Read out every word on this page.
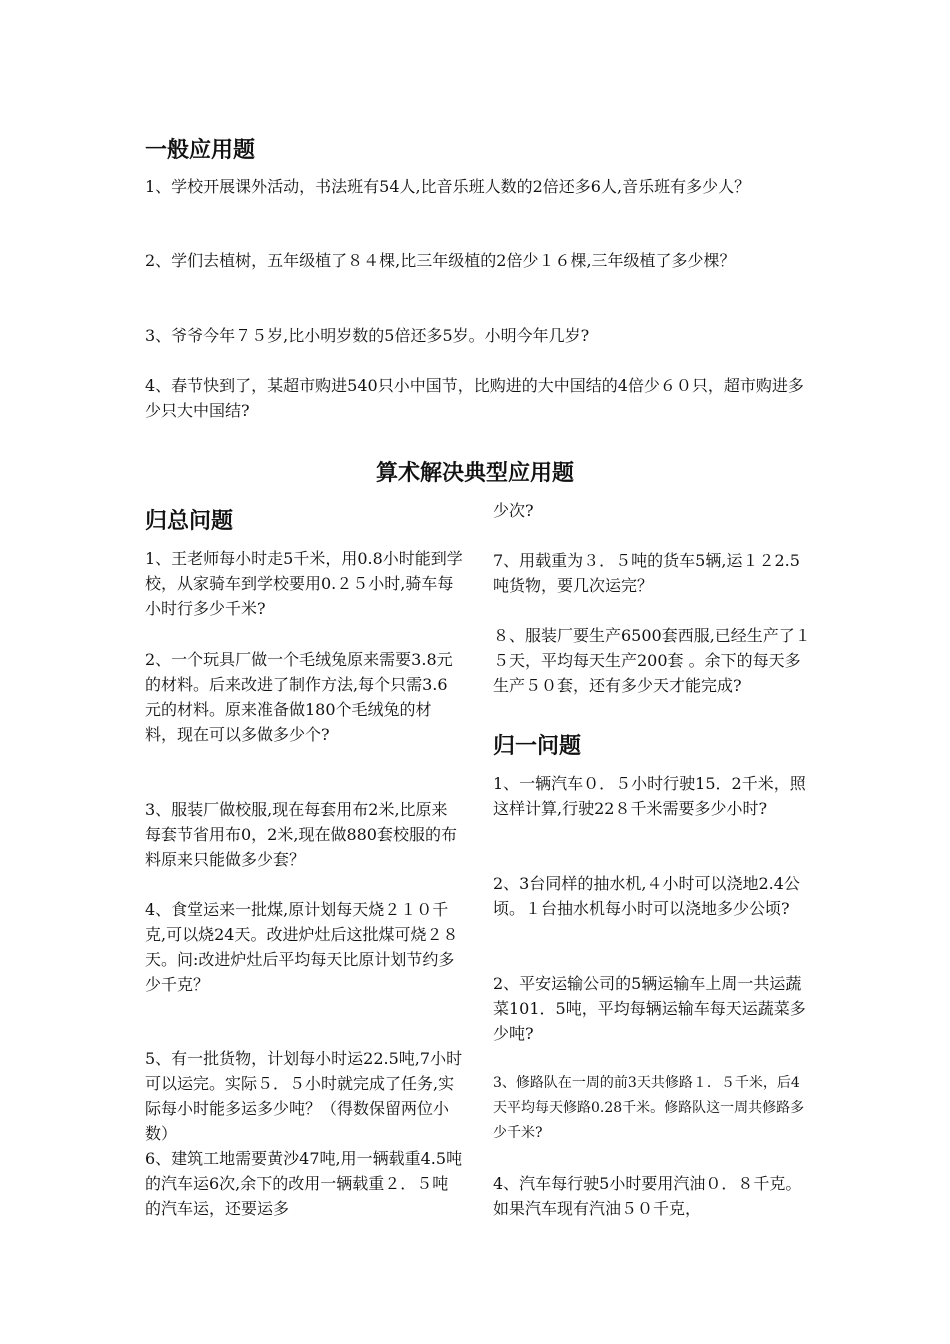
一般应用题

1、学校开展课外活动，书法班有54人,比音乐班人数的2倍还多6人,音乐班有多少人？

2、学们去植树，五年级植了８４棵,比三年级植的2倍少１６棵,三年级植了多少棵？

3、爷爷今年７５岁,比小明岁数的5倍还多5岁。小明今年几岁?

4、春节快到了，某超市购进540只小中国节，比购进的大中国结的4倍少６０只，超市购进多少只大中国结?

算术解决典型应用题
归总问题

1、王老师每小时走5千米，用0.8小时能到学校，从家骑车到学校要用0.２５小时,骑车每小时行多少千米?

2、一个玩具厂做一个毛绒兔原来需要3.8元的材料。后来改进了制作方法,每个只需3.6元的材料。原来准备做180个毛绒兔的材料，现在可以多做多少个?

3、服装厂做校服,现在每套用布2米,比原来每套节省用布0，2米,现在做880套校服的布料原来只能做多少套？

4、食堂运来一批煤,原计划每天烧２１０千克,可以烧24天。改进炉灶后这批煤可烧２８天。问:改进炉灶后平均每天比原计划节约多少千克？

5、有一批货物，计划每小时运22.5吨,7小时可以运完。实际５．５小时就完成了任务,实际每小时能多运多少吨？（得数保留两位小数）

6、建筑工地需要黄沙47吨,用一辆载重4.5吨的汽车运6次,余下的改用一辆载重２．５吨的汽车运，还要运多

少次?

7、用载重为３．５吨的货车5辆,运１２2.5吨货物，要几次运完？

８、服装厂要生产6500套西服,已经生产了１５天，平均每天生产200套 。余下的每天多生产５０套，还有多少天才能完成?

归一问题

1、一辆汽车０．５小时行驶15．2千米，照这样计算,行驶22８千米需要多少小时?

2、3台同样的抽水机,４小时可以浇地2.4公顷。１台抽水机每小时可以浇地多少公顷?

2、平安运输公司的5辆运输车上周一共运蔬菜101．5吨，平均每辆运输车每天运蔬菜多少吨?

3、修路队在一周的前3天共修路１．５千米，后4天平均每天修路0.28千米。修路队这一周共修路多少千米?

4、汽车每行驶5小时要用汽油０．８千克。如果汽车现有汽油５０千克，
